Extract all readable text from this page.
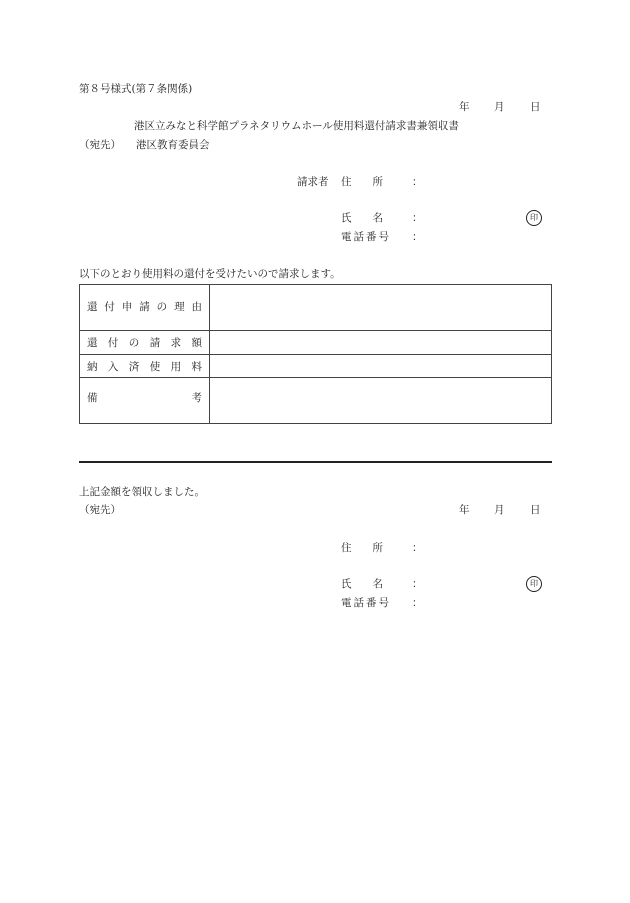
第８号様式(第７条関係)
年 月 日
港区立みなと科学館プラネタリウムホール使用料還付請求書兼領収書
（宛先） 港区教育委員会
請求者 住　　所	：
氏　　名	：	印
電話番号 ：
以下のとおり使用料の還付を受けたいので請求します。
還付申請の理由	

還付の請求額	

納入済使用料	

備考	

上記金額を領収しました。
（宛先）	年 月 日
住　　所	：
氏　　名	：	印
電話番号 ：
